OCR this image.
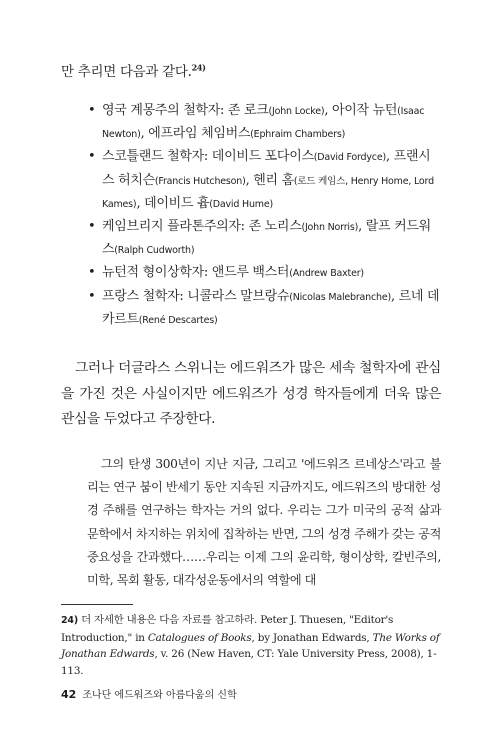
만 추리면 다음과 같다.$^{24)}$
• 영국 계몽주의 철학자: 존 로크(John Locke), 아이작 뉴턴(Isaac Newton), 에프라임 체임버스(Ephraim Chambers)
• 스코틀랜드 철학자: 데이비드 포다이스(David Fordyce), 프랜시스 허치슨(Francis Hutcheson), 헨리 홈(로드 케임스, Henry Home, Lord Kames), 데이비드 흄(David Hume)
• 케임브리지 플라톤주의자: 존 노리스(John Norris), 랄프 커드워스(Ralph Cudworth)
• 뉴턴적 형이상학자: 앤드루 백스터(Andrew Baxter)
• 프랑스 철학자: 니콜라스 말브랑슈(Nicolas Malebranche), 르네 데카르트(René Descartes)

그러나 더글라스 스위니는 에드워즈가 많은 세속 철학자에 관심을 가진 것은 사실이지만 에드워즈가 성경 학자들에게 더욱 많은 관심을 두었다고 주장한다.

그의 탄생 300년이 지난 지금, 그리고 '에드워즈 르네상스'라고 불리는 연구 붐이 반세기 동안 지속된 지금까지도, 에드워즈의 방대한 성경 주해를 연구하는 학자는 거의 없다. 우리는 그가 미국의 공적 삶과 문학에서 차지하는 위치에 집착하는 반면, 그의 성경 주해가 갖는 공적 중요성을 간과했다……우리는 이제 그의 윤리학, 형이상학, 칼빈주의, 미학, 목회 활동, 대각성운동에서의 역할에 대

24) 더 자세한 내용은 다음 자료를 참고하라. Peter J. Thuesen, "Editor's Introduction," in Catalogues of Books, by Jonathan Edwards, The Works of Jonathan Edwards, v. 26 (New Haven, CT: Yale University Press, 2008), 1-113.

42 조나단 에드워즈와 아름다움의 신학
